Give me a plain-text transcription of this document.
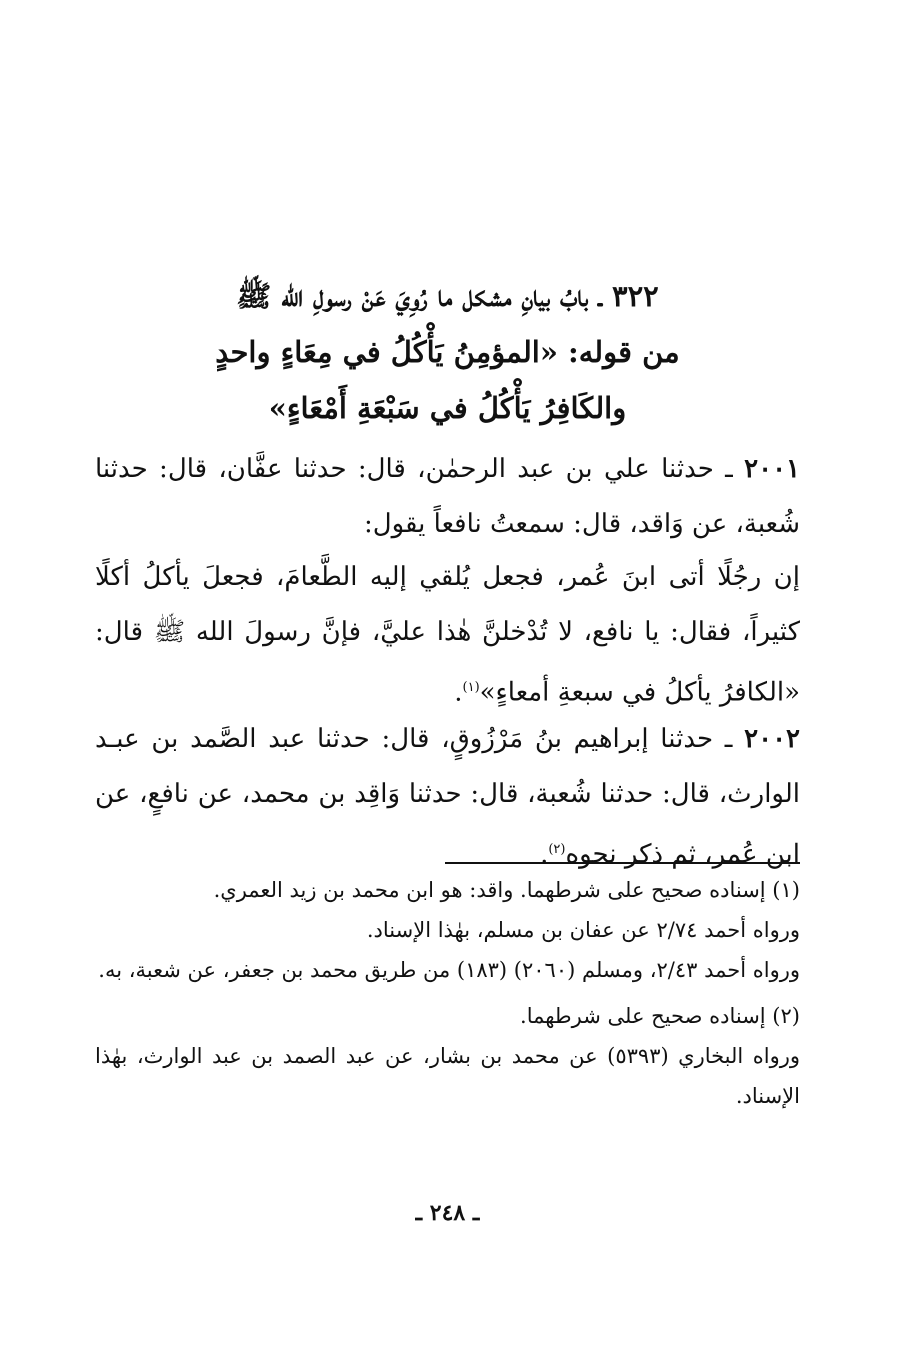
٣٢٢ ـ بابُ بيانِ مشكل ما رُوِيَ عَنْ رسولِ الله ﷺ
من قوله: «المؤمِنُ يَأْكُلُ في مِعَاءٍ واحدٍ
والكَافِرُ يَأْكُلُ في سَبْعَةِ أَمْعَاءٍ»
٢٠٠١ ـ حدثنا علي بن عبد الرحمٰن، قال: حدثنا عفَّان، قال: حدثنا شُعبة، عن وَاقد، قال: سمعتُ نافعاً يقول:
إن رجُلًا أتى ابنَ عُمر، فجعل يُلقي إليه الطَّعامَ، فجعلَ يأكلُ أكلًا كثيراً، فقال: يا نافع، لا تُدْخلنَّ هٰذا عليَّ، فإنَّ رسولَ الله ﷺ قال: «الكافرُ يأكلُ في سبعةِ أمعاءٍ»$^{(١)}$.
٢٠٠٢ ـ حدثنا إبراهيم بنُ مَرْزُوقٍ، قال: حدثنا عبد الصَّمد بن عبـد الوارث، قال: حدثنا شُعبة، قال: حدثنا وَاقِد بن محمد، عن نافعٍ، عن ابن عُمر، ثم ذكر نحوه$^{(٢)}$.

(١) إسناده صحيح على شرطهما. واقد: هو ابن محمد بن زيد العمري.

ورواه أحمد ٢/٧٤ عن عفان بن مسلم، بهٰذا الإسناد.

ورواه أحمد ٢/٤٣، ومسلم (٢٠٦٠) (١٨٣) من طريق محمد بن جعفر، عن شعبة، به.

(٢) إسناده صحيح على شرطهما.

ورواه البخاري (٥٣٩٣) عن محمد بن بشار، عن عبد الصمد بن عبد الوارث، بهٰذا الإسناد.

ـ ٢٤٨ ـ
